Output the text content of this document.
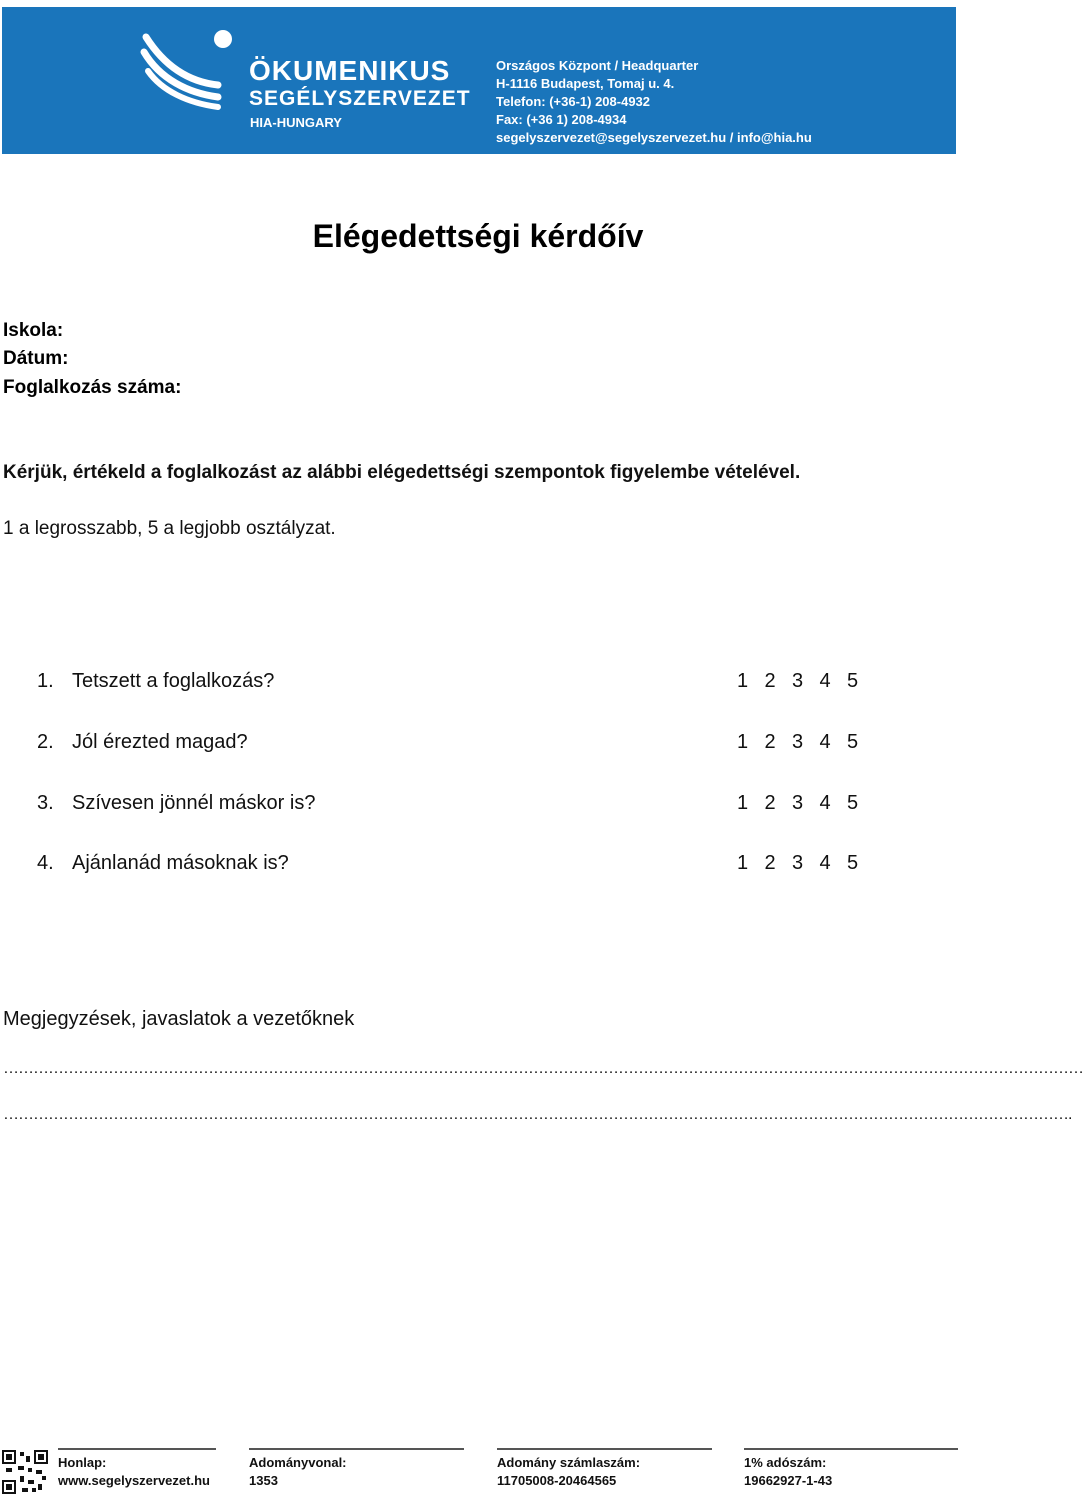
ÖKUMENIKUS
SEGÉLYSZERVEZET
HIA-HUNGARY
Országos Központ / Headquarter
H-1116 Budapest, Tomaj u. 4.
Telefon: (+36-1) 208-4932
Fax: (+36 1) 208-4934
segelyszervezet@segelyszervezet.hu / info@hia.hu
Elégedettségi kérdőív
Iskola:
Dátum:
Foglalkozás száma:
Kérjük, értékeld a foglalkozást az alábbi elégedettségi szempontok figyelembe vételével.
1 a legrosszabb, 5 a legjobb osztályzat.
1. Tetszett a foglalkozás?	1 2 3 4 5
2. Jól érezted magad?	1 2 3 4 5
3. Szívesen jönnél máskor is?	1 2 3 4 5
4. Ajánlanád másoknak is?	1 2 3 4 5
Megjegyzések, javaslatok a vezetőknek
………………………………………………………………………………………………………………………………………………………………………………………………
…………………………………………………………………………………………………………………………………………………………………………………………….
Honlap:
www.segelyszervezet.hu
Adományvonal:
1353
Adomány számlaszám:
11705008-20464565
1% adószám:
19662927-1-43
